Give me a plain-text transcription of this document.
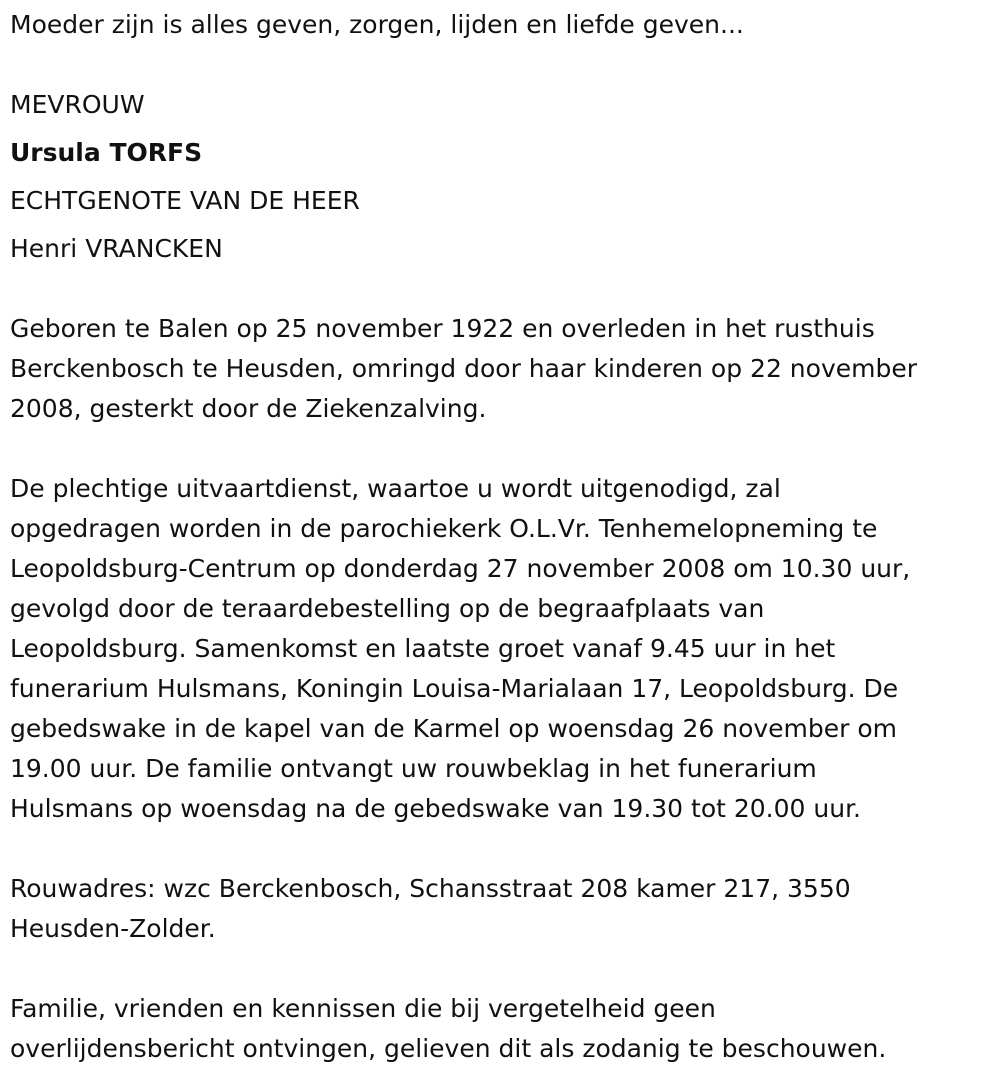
Moeder zijn is alles geven, zorgen, lijden en liefde geven...
MEVROUW
Ursula TORFS
ECHTGENOTE VAN DE HEER
Henri VRANCKEN
Geboren te Balen op 25 november 1922 en overleden in het rusthuis
Berckenbosch te Heusden, omringd door haar kinderen op 22 november
2008, gesterkt door de Ziekenzalving.
De plechtige uitvaartdienst, waartoe u wordt uitgenodigd, zal
opgedragen worden in de parochiekerk O.L.Vr. Tenhemelopneming te
Leopoldsburg-Centrum op donderdag 27 november 2008 om 10.30 uur,
gevolgd door de teraardebestelling op de begraafplaats van
Leopoldsburg. Samenkomst en laatste groet vanaf 9.45 uur in het
funerarium Hulsmans, Koningin Louisa-Marialaan 17, Leopoldsburg. De
gebedswake in de kapel van de Karmel op woensdag 26 november om
19.00 uur. De familie ontvangt uw rouwbeklag in het funerarium
Hulsmans op woensdag na de gebedswake van 19.30 tot 20.00 uur.
Rouwadres: wzc Berckenbosch, Schansstraat 208 kamer 217, 3550
Heusden-Zolder.
Familie, vrienden en kennissen die bij vergetelheid geen
overlijdensbericht ontvingen, gelieven dit als zodanig te beschouwen.
